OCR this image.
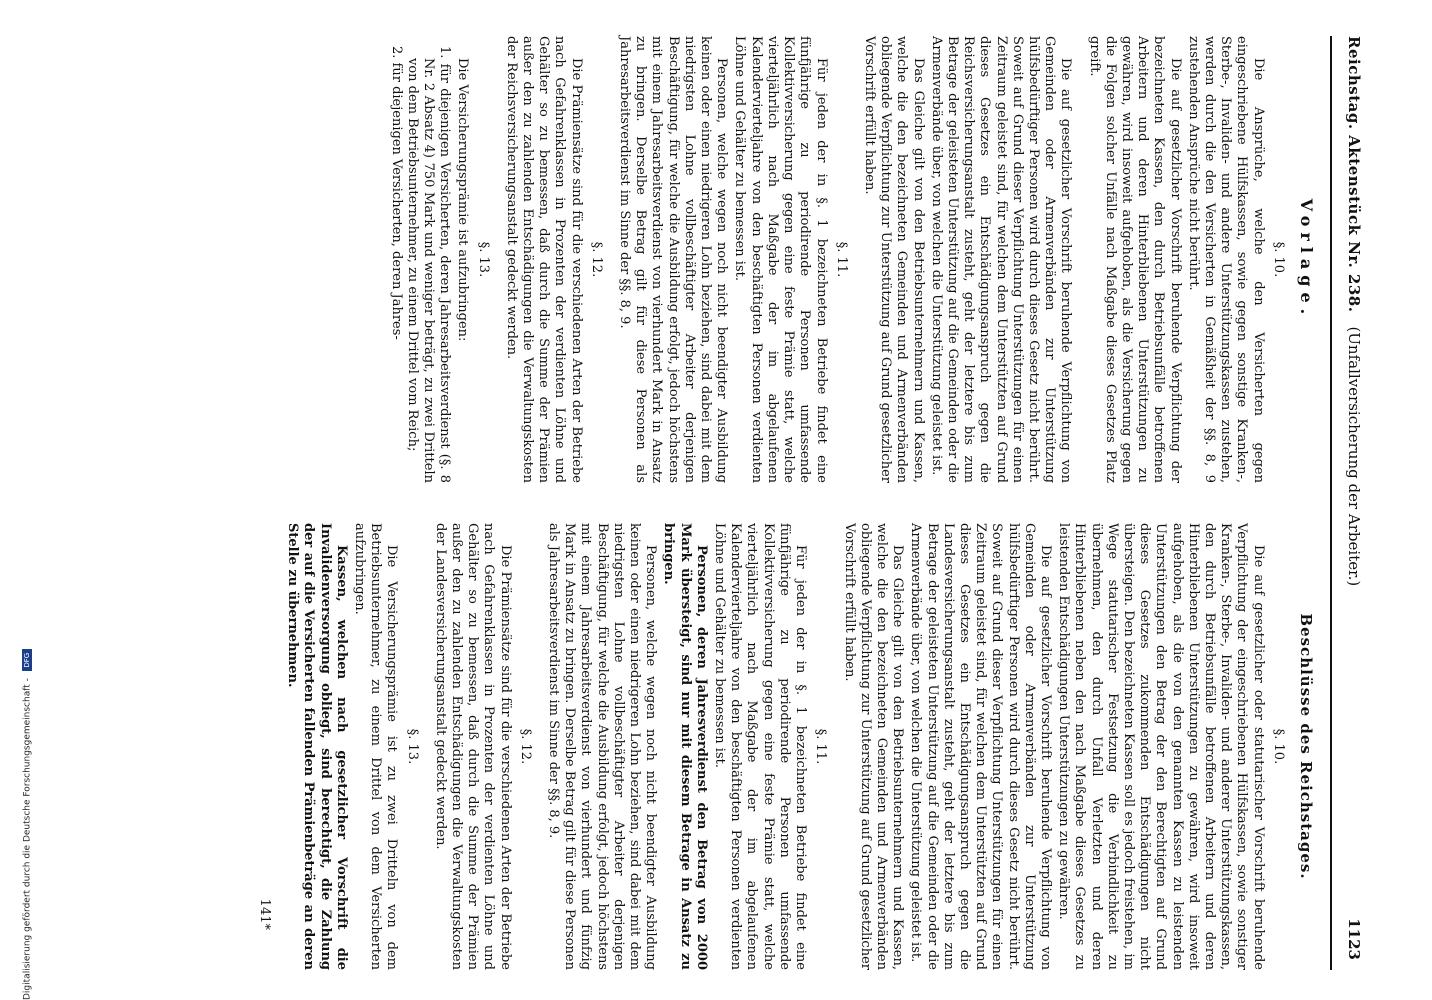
Reichstag. Aktenstück Nr. 238.
(Unfallversicherung der Arbeiter.)
1123
Vorlage.
§. 10.

Die Ansprüche, welche den Versicherten gegen eingeschriebene Hülfskassen, sowie gegen sonstige Kranken-, Sterbe-, Invaliden- und andere Unterstützungskassen zustehen, werden durch die den Versicherten in Gemäßheit der §§. 8, 9 zustehenden Ansprüche nicht berührt.

Die auf gesetzlicher Vorschrift beruhende Verpflichtung der bezeichneten Kassen, den durch Betriebsunfälle betroffenen Arbeitern und deren Hinterbliebenen Unterstützungen zu gewähren, wird insoweit aufgehoben, als die Versicherung gegen die Folgen solcher Unfälle nach Maßgabe dieses Gesetzes Platz greift.

Die auf gesetzlicher Vorschrift beruhende Verpflichtung von Gemeinden oder Armenverbänden zur Unterstützung hülfsbedürftiger Personen wird durch dieses Gesetz nicht berührt. Soweit auf Grund dieser Verpflichtung Unterstützungen für einen Zeitraum geleistet sind, für welchen dem Unterstützten auf Grund dieses Gesetzes ein Entschädigungsanspruch gegen die Reichsversicherungsanstalt zusteht, geht der letztere bis zum Betrage der geleisteten Unterstützung auf die Gemeinden oder die Armenverbände über, von welchen die Unterstützung geleistet ist.

Das Gleiche gilt von den Betriebsunternehmern und Kassen, welche die den bezeichneten Gemeinden und Armenverbänden obliegende Verpflichtung zur Unterstützung auf Grund gesetzlicher Vorschrift erfüllt haben.

§. 11.

Für jeden der in §. 1 bezeichneten Betriebe findet eine fünfjährige zu periodirende Personen umfassende Kollektivversicherung gegen eine feste Prämie statt, welche vierteljährlich nach Maßgabe der im abgelaufenen Kalendervierteljahre von den beschäftigten Personen verdienten Löhne und Gehälter zu bemessen ist.

Personen, welche wegen noch nicht beendigter Ausbildung keinen oder einen niedrigeren Lohn beziehen, sind dabei mit dem niedrigsten Lohne vollbeschäftigter Arbeiter derjenigen Beschäftigung, für welche die Ausbildung erfolgt, jedoch höchstens mit einem Jahresarbeitsverdienst von vierhundert Mark in Ansatz zu bringen. Derselbe Betrag gilt für diese Personen als Jahresarbeitsverdienst im Sinne der §§. 8, 9.

§. 12.

Die Prämiensätze sind für die verschiedenen Arten der Betriebe nach Gefahrenklassen in Prozenten der verdienten Löhne und Gehälter so zu bemessen, daß durch die Summe der Prämien außer den zu zahlenden Entschädigungen die Verwaltungskosten der Reichsversicherungsanstalt gedeckt werden.

§. 13.

Die Versicherungsprämie ist aufzubringen:

1. für diejenigen Versicherten, deren Jahresarbeitsverdienst (§. 8 Nr. 2 Absatz 4) 750 Mark und weniger beträgt, zu zwei Dritteln von dem Betriebsunternehmer, zu einem Drittel vom Reich;

2. für diejenigen Versicherten, deren Jahres-

Beschlüsse des Reichstages.
§. 10.

Die auf gesetzlicher oder statutarischer Vorschrift beruhende Verpflichtung der eingeschriebenen Hülfskassen, sowie sonstiger Kranken-, Sterbe-, Invaliden- und anderer Unterstützungskassen, den durch Betriebsunfälle betroffenen Arbeitern und deren Hinterbliebenen Unterstützungen zu gewähren, wird insoweit aufgehoben, als die von den genannten Kassen zu leistenden Unterstützungen den Betrag der den Berechtigten auf Grund dieses Gesetzes zukommenden Entschädigungen nicht übersteigen. Den bezeichneten Kassen soll es jedoch freistehen, im Wege statutarischer Festsetzung die Verbindlichkeit zu übernehmen, den durch Unfall Verletzten und deren Hinterbliebenen neben den nach Maßgabe dieses Gesetzes zu leistenden Entschädigungen Unterstützungen zu gewähren.

Die auf gesetzlicher Vorschrift beruhende Verpflichtung von Gemeinden oder Armenverbänden zur Unterstützung hülfsbedürftiger Personen wird durch dieses Gesetz nicht berührt. Soweit auf Grund dieser Verpflichtung Unterstützungen für einen Zeitraum geleistet sind, für welchen dem Unterstützten auf Grund dieses Gesetzes ein Entschädigungsanspruch gegen die Landesversicherungsanstalt zusteht, geht der letztere bis zum Betrage der geleisteten Unterstützung auf die Gemeinden oder die Armenverbände über, von welchen die Unterstützung geleistet ist.

Das Gleiche gilt von den Betriebsunternehmern und Kassen, welche die den bezeichneten Gemeinden und Armenverbänden obliegende Verpflichtung zur Unterstützung auf Grund gesetzlicher Vorschrift erfüllt haben.

§. 11.

Für jeden der in §. 1 bezeichneten Betriebe findet eine fünfjährige zu periodirende Personen umfassende Kollektivversicherung gegen eine feste Prämie statt, welche vierteljährlich nach Maßgabe der im abgelaufenen Kalendervierteljahre von den beschäftigten Personen verdienten Löhne und Gehälter zu bemessen ist.

Personen, deren Jahresverdienst den Betrag von 2000 Mark übersteigt, sind nur mit diesem Betrage in Ansatz zu bringen.

Personen, welche wegen noch nicht beendigter Ausbildung keinen oder einen niedrigeren Lohn beziehen, sind dabei mit dem niedrigsten Lohne vollbeschäftigter Arbeiter derjenigen Beschäftigung, für welche die Ausbildung erfolgt, jedoch höchstens mit einem Jahresarbeitsverdienst von vierhundert und fünfzig Mark in Ansatz zu bringen. Derselbe Betrag gilt für diese Personen als Jahresarbeitsverdienst im Sinne der §§. 8, 9.

§. 12.

Die Prämiensätze sind für die verschiedenen Arten der Betriebe nach Gefahrenklassen in Prozenten der verdienten Löhne und Gehälter so zu bemessen, daß durch die Summe der Prämien außer den zu zahlenden Entschädigungen die Verwaltungskosten der Landesversicherungsanstalt gedeckt werden.

§. 13.

Die Versicherungsprämie ist zu zwei Dritteln von dem Betriebsunternehmer, zu einem Drittel von dem Versicherten aufzubringen.

Kassen, welchen nach gesetzlicher Vorschrift die Invalidenversorgung obliegt, sind berechtigt, die Zahlung der auf die Versicherten fallenden Prämienbeträge an deren Stelle zu übernehmen.

141*
Digitalisierung gefördert durch die Deutsche Forschungsgemeinschaft - DFG
